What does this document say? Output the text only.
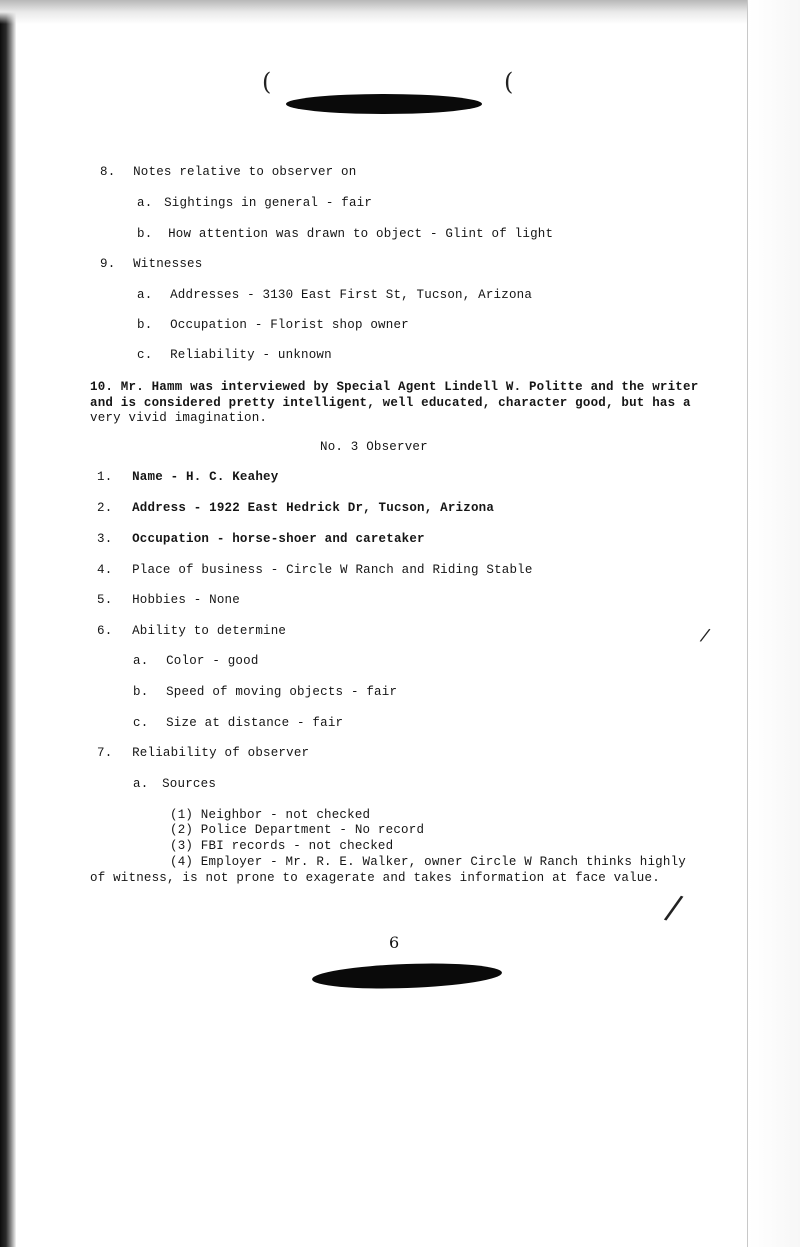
(	(
8. Notes relative to observer on
a. Sightings in general - fair
b. How attention was drawn to object - Glint of light
9. Witnesses
a. Addresses - 3130 East First St, Tucson, Arizona
b. Occupation - Florist shop owner
c. Reliability - unknown
10. Mr. Hamm was interviewed by Special Agent Lindell W. Politte and the writer
and is considered pretty intelligent, well educated, character good, but has a
very vivid imagination.
No. 3 Observer
1. Name - H. C. Keahey
2. Address - 1922 East Hedrick Dr, Tucson, Arizona
3. Occupation - horse-shoer and caretaker
4. Place of business - Circle W Ranch and Riding Stable
5. Hobbies - None
6. Ability to determine
a. Color - good
b. Speed of moving objects - fair
c. Size at distance - fair
7. Reliability of observer
a. Sources
(1) Neighbor - not checked
(2) Police Department - No record
(3) FBI records - not checked
(4) Employer - Mr. R. E. Walker, owner Circle W Ranch thinks highly
of witness, is not prone to exagerate and takes information at face value.
/
/
6
